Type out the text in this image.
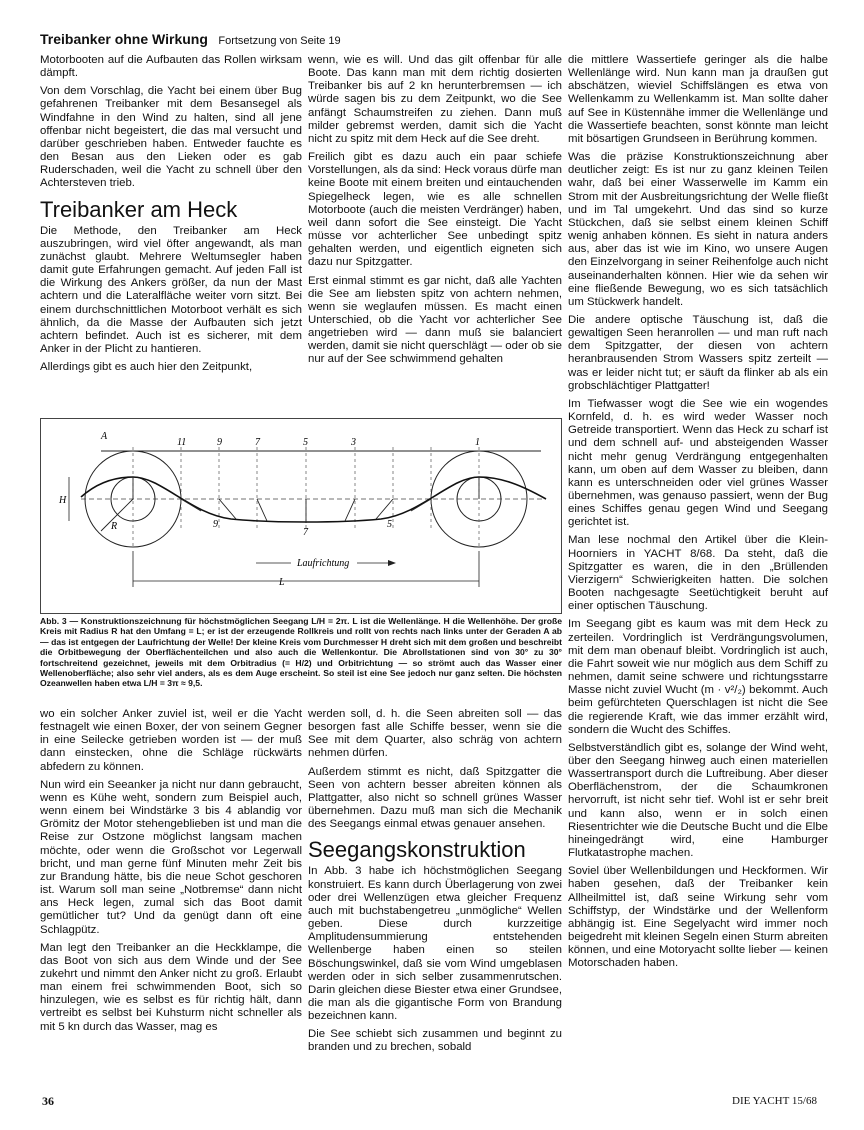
Treibanker ohne Wirkung Fortsetzung von Seite 19

Motorbooten auf die Aufbauten das Rollen wirksam dämpft.

Von dem Vorschlag, die Yacht bei einem über Bug gefahrenen Treibanker mit dem Besansegel als Windfahne in den Wind zu halten, sind all jene offenbar nicht begeistert, die das mal versucht und darüber geschrieben haben. Entweder fauchte es den Besan aus den Lieken oder es gab Ruderschaden, weil die Yacht zu schnell über den Achtersteven trieb.

Treibanker am Heck

Die Methode, den Treibanker am Heck auszubringen, wird viel öfter angewandt, als man zunächst glaubt. Mehrere Weltumsegler haben damit gute Erfahrungen gemacht. Auf jeden Fall ist die Wirkung des Ankers größer, da nun der Mast achtern und die Lateralfläche weiter vorn sitzt. Bei einem durchschnittlichen Motorboot verhält es sich ähnlich, da die Masse der Aufbauten sich jetzt achtern befindet. Auch ist es sicherer, mit dem Anker in der Plicht zu hantieren.

Allerdings gibt es auch hier den Zeitpunkt,

wenn, wie es will. Und das gilt offenbar für alle Boote. Das kann man mit dem richtig dosierten Treibanker bis auf 2 kn herunterbremsen — ich würde sagen bis zu dem Zeitpunkt, wo die See anfängt Schaumstreifen zu ziehen. Dann muß milder gebremst werden, damit sich die Yacht nicht zu spitz mit dem Heck auf die See dreht.

Freilich gibt es dazu auch ein paar schiefe Vorstellungen, als da sind: Heck voraus dürfe man keine Boote mit einem breiten und eintauchenden Spiegelheck legen, wie es alle schnellen Motorboote (auch die meisten Verdränger) haben, weil dann sofort die See einsteigt. Die Yacht müsse vor achterlicher See unbedingt spitz gehalten werden, und eigentlich eigneten sich dazu nur Spitzgatter.

Erst einmal stimmt es gar nicht, daß alle Yachten die See am liebsten spitz von achtern nehmen, wenn sie weglaufen müssen. Es macht einen Unterschied, ob die Yacht vor achterlicher See angetrieben wird — dann muß sie balanciert werden, damit sie nicht querschlägt — oder ob sie nur auf der See schwimmend gehalten

die mittlere Wassertiefe geringer als die halbe Wellenlänge wird. Nun kann man ja draußen gut abschätzen, wieviel Schiffslängen es etwa von Wellenkamm zu Wellenkamm ist. Man sollte daher auf See in Küstennähe immer die Wellenlänge und die Wassertiefe beachten, sonst könnte man leicht mit bösartigen Grundseen in Berührung kommen.

Was die präzise Konstruktionszeichnung aber deutlicher zeigt: Es ist nur zu ganz kleinen Teilen wahr, daß bei einer Wasserwelle im Kamm ein Strom mit der Ausbreitungsrichtung der Welle fließt und im Tal umgekehrt. Und das sind so kurze Stückchen, daß sie selbst einem kleinen Schiff wenig anhaben können. Es sieht in natura anders aus, aber das ist wie im Kino, wo unsere Augen den Einzelvorgang in seiner Reihenfolge auch nicht auseinanderhalten können. Hier wie da sehen wir eine fließende Bewegung, wo es sich tatsächlich um Stückwerk handelt.

Die andere optische Täuschung ist, daß die gewaltigen Seen heranrollen — und man ruft nach dem Spitzgatter, der diesen von achtern heranbrausenden Strom Wassers spitz zerteilt — was er leider nicht tut; er säuft da flinker ab als ein grobschlächtiger Plattgatter!

Im Tiefwasser wogt die See wie ein wogendes Kornfeld, d. h. es wird weder Wasser noch Getreide transportiert. Wenn das Heck zu scharf ist und dem schnell auf- und absteigenden Wasser nicht mehr genug Verdrängung entgegenhalten kann, um oben auf dem Wasser zu bleiben, dann kann es unterschneiden oder viel grünes Wasser übernehmen, was genauso passiert, wenn der Bug eines Schiffes genau gegen Wind und Seegang gerichtet ist.

Man lese nochmal den Artikel über die Klein-Hoorniers in YACHT 8/68. Da steht, daß die Spitzgatter es waren, die in den „Brüllenden Vierzigern“ Schwierigkeiten hatten. Die solchen Booten nachgesagte Seetüchtigkeit beruht auf einer optischen Täuschung.

Im Seegang gibt es kaum was mit dem Heck zu zerteilen. Vordringlich ist Verdrängungsvolumen, mit dem man obenauf bleibt. Vordringlich ist auch, die Fahrt soweit wie nur möglich aus dem Schiff zu nehmen, damit seine schwere und richtungsstarre Masse nicht zuviel Wucht (m · v²/₂) bekommt. Auch beim gefürchteten Querschlagen ist nicht die See die regierende Kraft, wie das immer erzählt wird, sondern die Wucht des Schiffes.

Selbstverständlich gibt es, solange der Wind weht, über den Seegang hinweg auch einen materiellen Wassertransport durch die Luftreibung. Aber dieser Oberflächenstrom, der die Schaumkronen hervorruft, ist nicht sehr tief. Wohl ist er sehr breit und kann also, wenn er in solch einen Riesentrichter wie die Deutsche Bucht und die Elbe hineingedrängt wird, eine Hamburger Flutkatastrophe machen.

Soviel über Wellenbildungen und Heckformen. Wir haben gesehen, daß der Treibanker kein Allheilmittel ist, daß seine Wirkung sehr vom Schiffstyp, der Windstärke und der Wellenform abhängig ist. Eine Segelyacht wird immer noch beigedreht mit kleinen Segeln einen Sturm abreiten können, und eine Motoryacht sollte lieber — keinen Motorschaden haben.

A
H
R
L
Laufrichtung
11	9	7	5	3	1
9
7
5
Abb. 3 — Konstruktionszeichnung für höchstmöglichen Seegang L/H = 2π. L ist die Wellenlänge. H die Wellenhöhe. Der große Kreis mit Radius R hat den Umfang = L; er ist der erzeugende Rollkreis und rollt von rechts nach links unter der Geraden A ab — das ist entgegen der Laufrichtung der Welle! Der kleine Kreis vom Durchmesser H dreht sich mit dem großen und beschreibt die Orbitbewegung der Oberflächenteilchen und also auch die Wellenkontur. Die Abrollstationen sind von 30° zu 30° fortschreitend gezeichnet, jeweils mit dem Orbitradius (= H/2) und Orbitrichtung — so strömt auch das Wasser einer Wellenoberfläche; also sehr viel anders, als es dem Auge erscheint. So steil ist eine See jedoch nur ganz selten. Die höchsten Ozeanwellen haben etwa L/H = 3π ≈ 9,5.

wo ein solcher Anker zuviel ist, weil er die Yacht festnagelt wie einen Boxer, der von seinem Gegner in eine Seilecke getrieben worden ist — der muß dann einstecken, ohne die Schläge rückwärts abfedern zu können.

Nun wird ein Seeanker ja nicht nur dann gebraucht, wenn es Kühe weht, sondern zum Beispiel auch, wenn einem bei Windstärke 3 bis 4 ablandig vor Grömitz der Motor stehengeblieben ist und man die Reise zur Ostzone möglichst langsam machen möchte, oder wenn die Großschot vor Legerwall bricht, und man gerne fünf Minuten mehr Zeit bis zur Brandung hätte, bis die neue Schot geschoren ist. Warum soll man seine „Notbremse“ dann nicht ans Heck legen, zumal sich das Boot damit gemütlicher tut? Und da genügt dann oft eine Schlagpütz.

Man legt den Treibanker an die Heckklampe, die das Boot von sich aus dem Winde und der See zukehrt und nimmt den Anker nicht zu groß. Erlaubt man einem frei schwimmenden Boot, sich so hinzulegen, wie es selbst es für richtig hält, dann vertreibt es selbst bei Kuhsturm nicht schneller als mit 5 kn durch das Wasser, mag es

werden soll, d. h. die Seen abreiten soll — das besorgen fast alle Schiffe besser, wenn sie die See mit dem Quarter, also schräg von achtern nehmen dürfen.

Außerdem stimmt es nicht, daß Spitzgatter die Seen von achtern besser abreiten können als Plattgatter, also nicht so schnell grünes Wasser übernehmen. Dazu muß man sich die Mechanik des Seegangs einmal etwas genauer ansehen.

Seegangskonstruktion

In Abb. 3 habe ich höchstmöglichen Seegang konstruiert. Es kann durch Überlagerung von zwei oder drei Wellenzügen etwa gleicher Frequenz auch mit buchstabengetreu „unmögliche“ Wellen geben. Diese durch kurzzeitige Amplitudensummierung entstehenden Wellenberge haben einen so steilen Böschungswinkel, daß sie vom Wind umgeblasen werden oder in sich selber zusammenrutschen. Darin gleichen diese Biester etwa einer Grundsee, die man als die gigantische Form von Brandung bezeichnen kann.

Die See schiebt sich zusammen und beginnt zu branden und zu brechen, sobald

36	DIE YACHT 15/68
